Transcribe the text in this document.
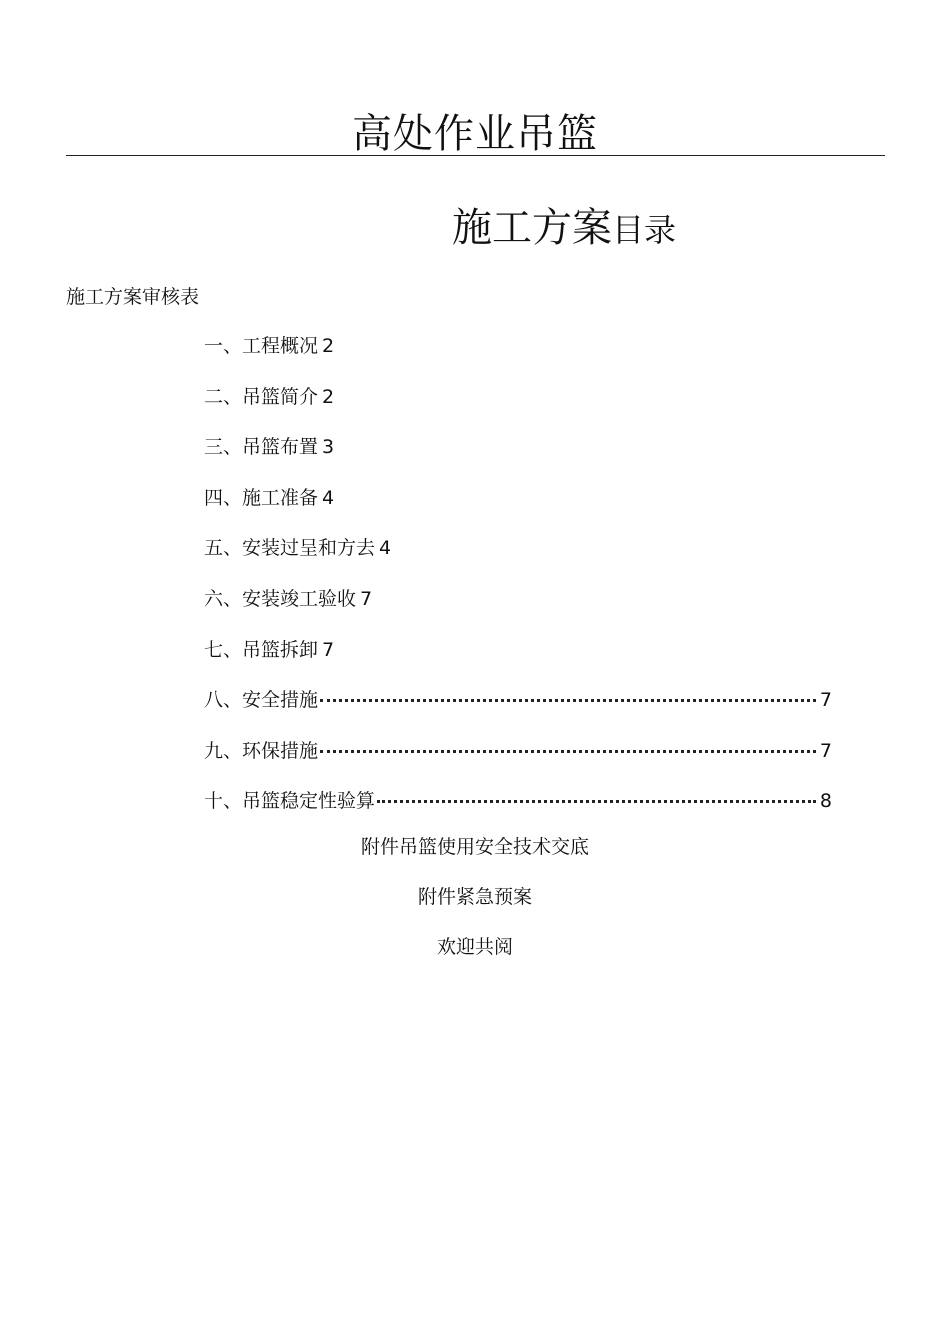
高处作业吊篮
施工方案目录
施工方案审核表
一、工程概况 2
二、吊篮简介 2
三、吊篮布置 3
四、施工准备 4
五、安装过呈和方去 4
六、安装竣工验收 7
七、吊篮拆卸 7
八、安全措施	7
九、环保措施	7
十、吊篮稳定性验算	8
附件吊篮使用安全技术交底
附件紧急预案
欢迎共阅
